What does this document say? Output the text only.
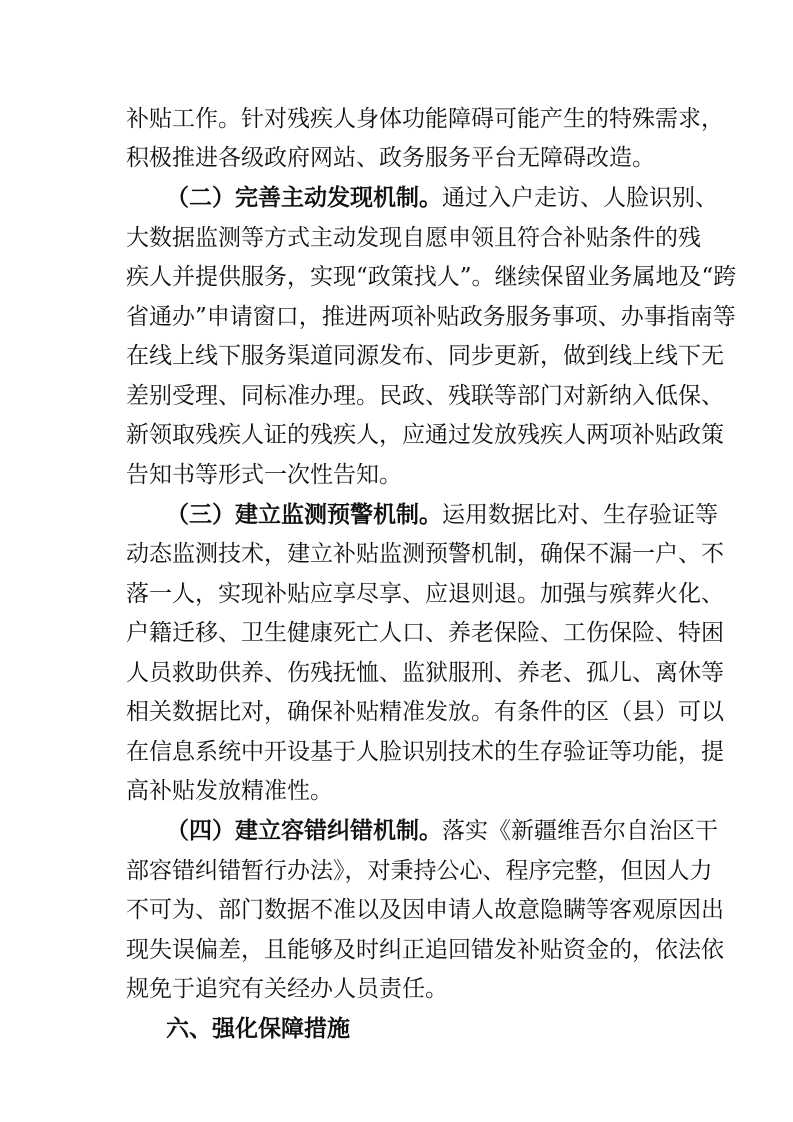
补贴工作。针对残疾人身体功能障碍可能产生的特殊需求，
积极推进各级政府网站、政务服务平台无障碍改造。
（二）完善主动发现机制。通过入户走访、人脸识别、
大数据监测等方式主动发现自愿申领且符合补贴条件的残
疾人并提供服务，实现“政策找人”。继续保留业务属地及“跨
省通办”申请窗口，推进两项补贴政务服务事项、办事指南等
在线上线下服务渠道同源发布、同步更新，做到线上线下无
差别受理、同标准办理。民政、残联等部门对新纳入低保、
新领取残疾人证的残疾人，应通过发放残疾人两项补贴政策
告知书等形式一次性告知。
（三）建立监测预警机制。运用数据比对、生存验证等
动态监测技术，建立补贴监测预警机制，确保不漏一户、不
落一人，实现补贴应享尽享、应退则退。加强与殡葬火化、
户籍迁移、卫生健康死亡人口、养老保险、工伤保险、特困
人员救助供养、伤残抚恤、监狱服刑、养老、孤儿、离休等
相关数据比对，确保补贴精准发放。有条件的区（县）可以
在信息系统中开设基于人脸识别技术的生存验证等功能，提
高补贴发放精准性。
（四）建立容错纠错机制。落实《新疆维吾尔自治区干
部容错纠错暂行办法》，对秉持公心、程序完整，但因人力
不可为、部门数据不准以及因申请人故意隐瞒等客观原因出
现失误偏差，且能够及时纠正追回错发补贴资金的，依法依
规免于追究有关经办人员责任。
六、强化保障措施
